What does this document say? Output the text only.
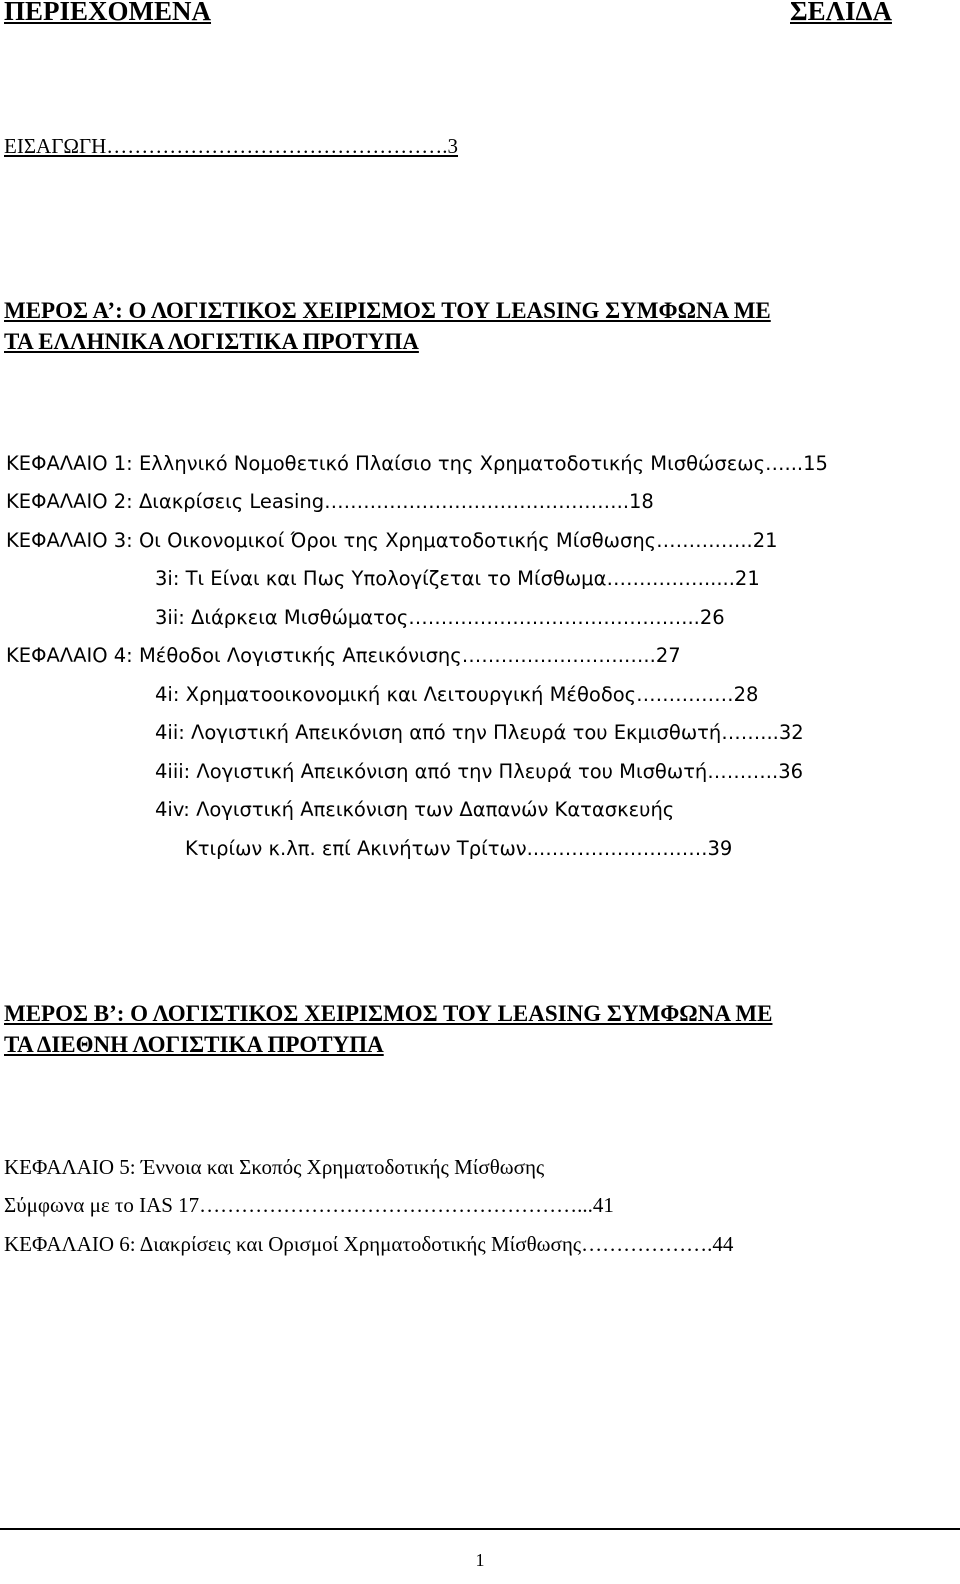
ΠΕΡΙΕΧΟΜΕΝΑ	ΣΕΛΙΔΑ
ΕΙΣΑΓΩΓΗ………………………………………….3
ΜΕΡΟΣ Α’: Ο ΛΟΓΙΣΤΙΚΟΣ ΧΕΙΡΙΣΜΟΣ ΤΟΥ LEASING ΣΥΜΦΩΝΑ ΜΕ
ΤΑ ΕΛΛΗΝΙΚΑ ΛΟΓΙΣΤΙΚΑ ΠΡΟΤΥΠΑ
ΚΕΦΑΛΑΙΟ 1: Ελληνικό Νομοθετικό Πλαίσιο της Χρηματοδοτικής Μισθώσεως…...15
ΚΕΦΑΛΑΙΟ 2: Διακρίσεις Leasing………………………………………..18
ΚΕΦΑΛΑΙΟ 3: Οι Οικονομικοί Όροι της Χρηματοδοτικής Μίσθωσης……….…..21
3i: Τι Είναι και Πως Υπολογίζεται το Μίσθωμα…………….....21
3ii: Διάρκεια Μισθώματος……………………………………...26
ΚΕΦΑΛΑΙΟ 4: Μέθοδοι Λογιστικής Απεικόνισης…………………….…..27
4i: Χρηματοοικονομική και Λειτουργική Μέθοδος……………28
4ii: Λογιστική Απεικόνιση από την Πλευρά του Εκμισθωτή……...32
4iii: Λογιστική Απεικόνιση από την Πλευρά του Μισθωτή………..36
4iv: Λογιστική Απεικόνιση των Δαπανών Κατασκευής
Κτιρίων κ.λπ. επί Ακινήτων Τρίτων...…………………….39
ΜΕΡΟΣ Β’: Ο ΛΟΓΙΣΤΙΚΟΣ ΧΕΙΡΙΣΜΟΣ ΤΟΥ LEASING ΣΥΜΦΩΝΑ ΜΕ
ΤΑ ΔΙΕΘΝΗ ΛΟΓΙΣΤΙΚΑ ΠΡΟΤΥΠΑ
ΚΕΦΑΛΑΙΟ 5: Έννοια και Σκοπός Χρηματοδοτικής Μίσθωσης
Σύμφωνα με το IAS 17………………………………………………...41
ΚΕΦΑΛΑΙΟ 6: Διακρίσεις και Ορισμοί Χρηματοδοτικής Μίσθωσης……………….44
1
